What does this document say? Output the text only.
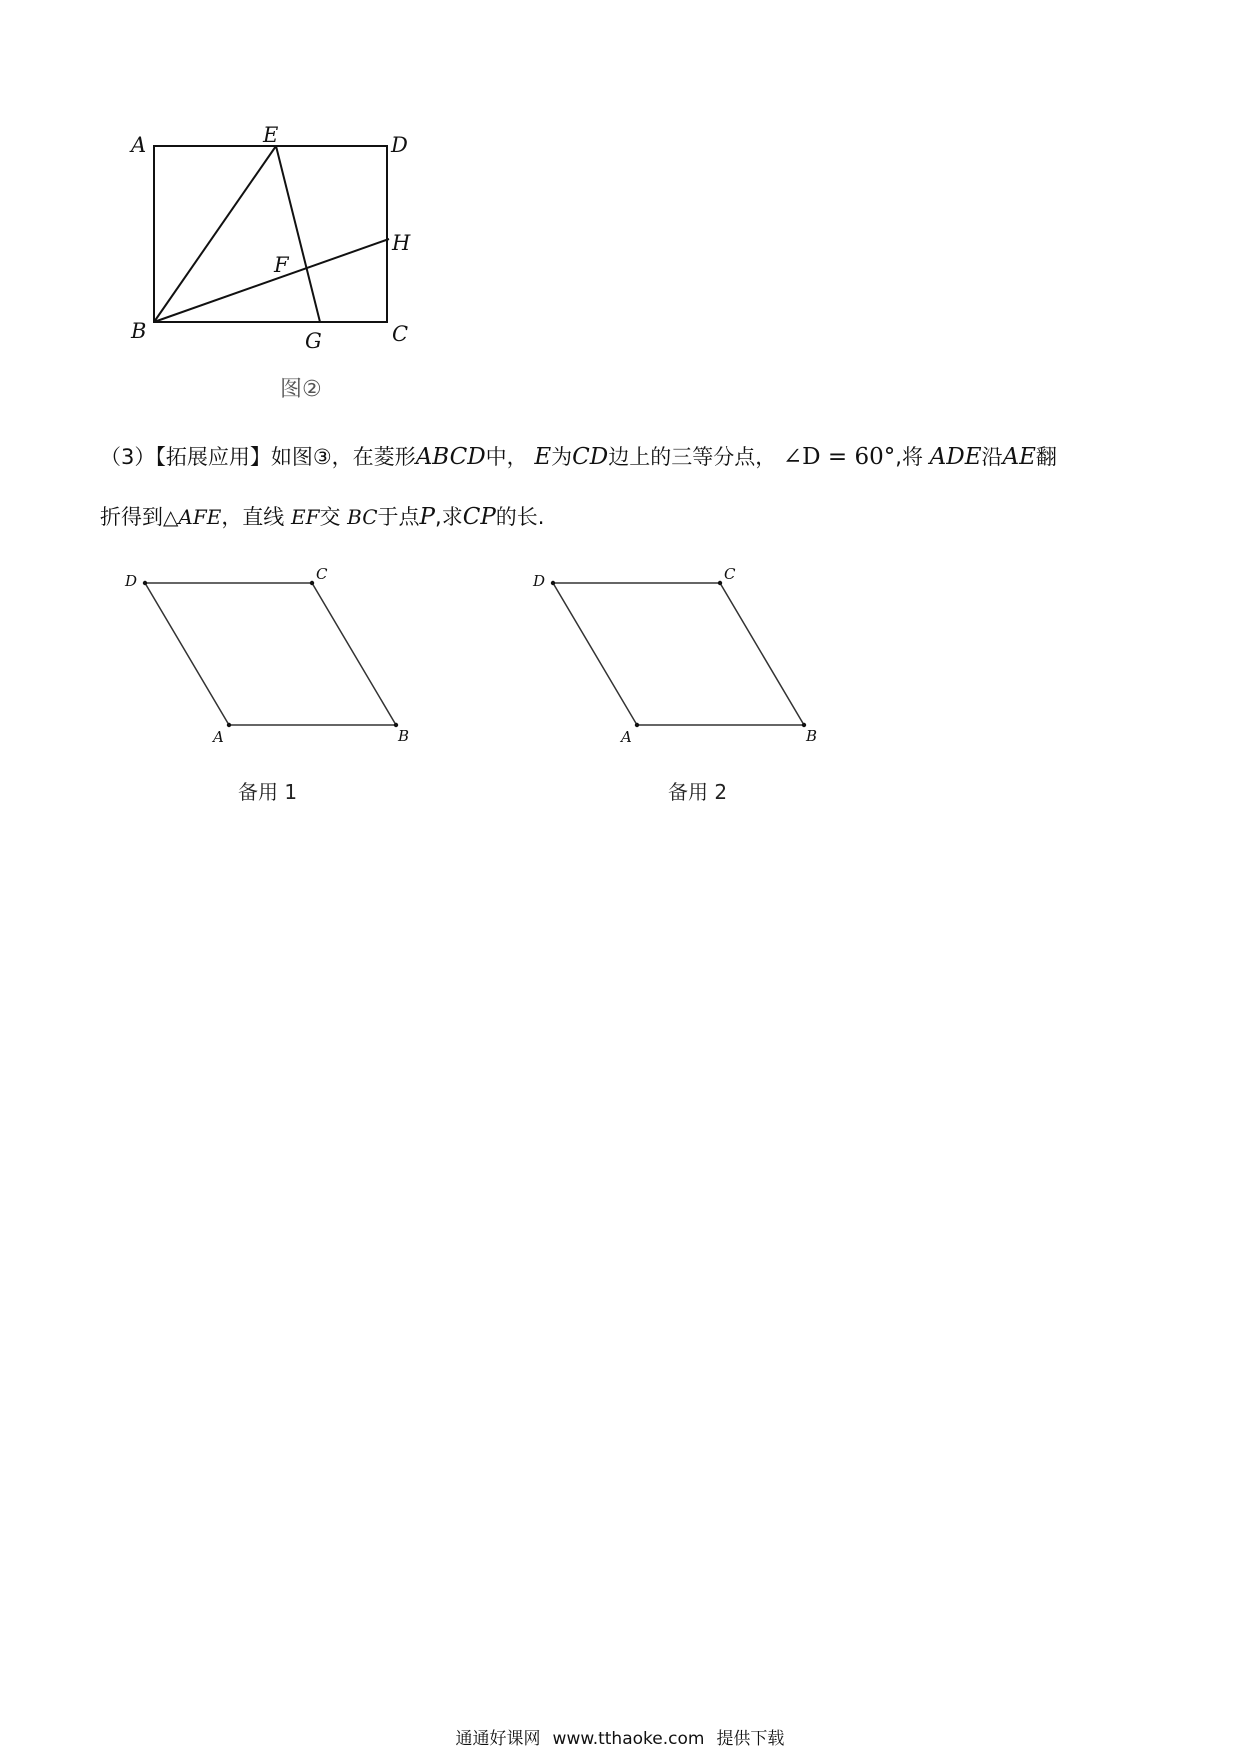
A	E	D
H
F
B	G	C
图②
（3）【拓展应用】如图③，在菱形ABCD中， E为CD边上的三等分点， ∠D = 60°,将 ADE沿AE翻
折得到△AFE，直线 EF交 BC于点P,求CP的长.
D	C
A	B
备用 1
D	C
A	B
备用 2
通通好课网 www.tthaoke.com 提供下载
